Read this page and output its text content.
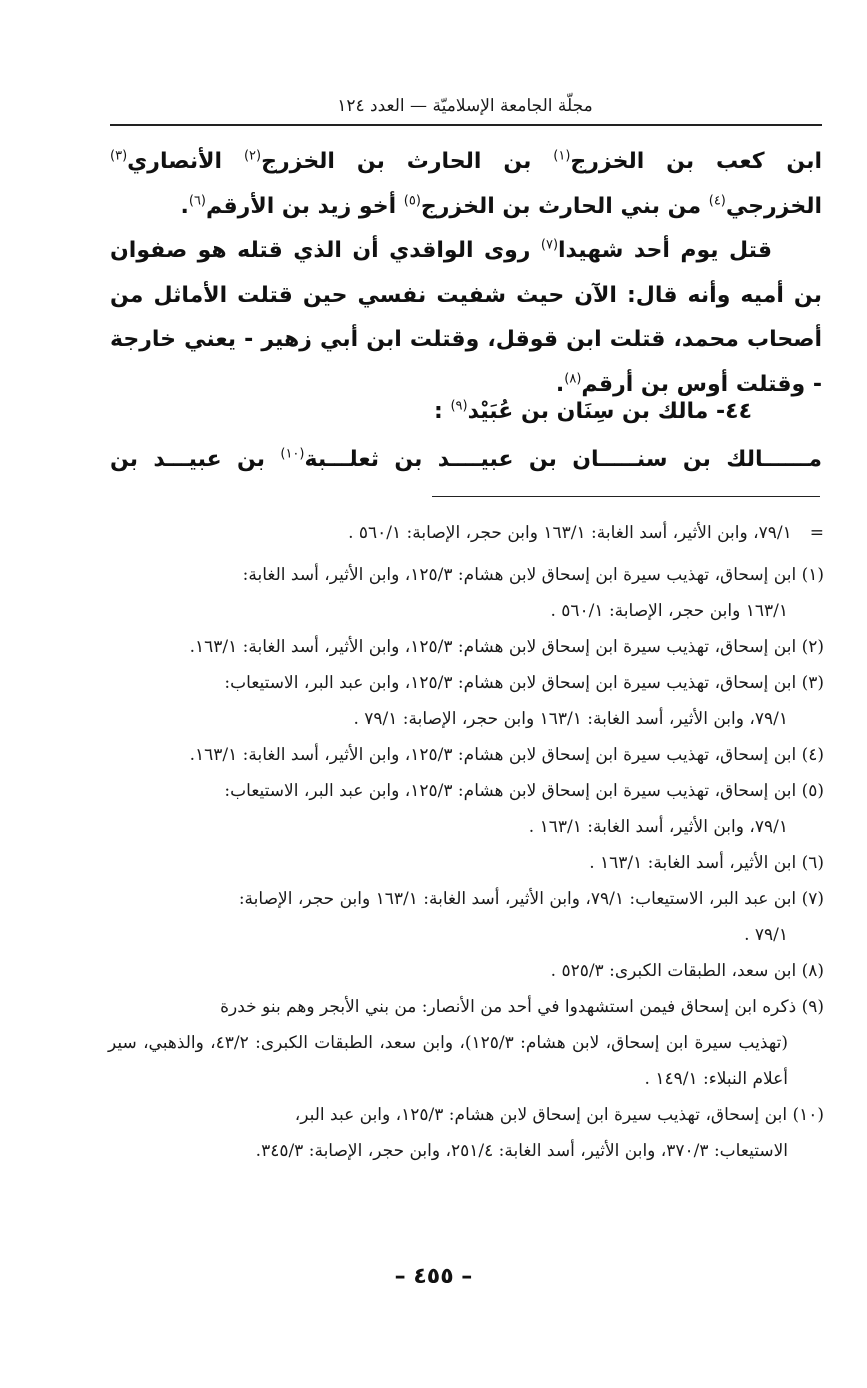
مجلّة الجامعة الإسلاميّة — العدد ١٢٤

ابن كعب بن الخزرج$^{(١)}$ بن الحارث بن الخزرج$^{(٢)}$ الأنصاري$^{(٣)}$ الخزرجي$^{(٤)}$ من بني الحارث بن الخزرج$^{(٥)}$ أخو زيد بن الأرقم$^{(٦)}$.

قتل يوم أحد شهيدا$^{(٧)}$ روى الواقدي أن الذي قتله هو صفوان بن أميه وأنه قال: الآن حيث شفيت نفسي حين قتلت الأماثل من أصحاب محمد، قتلت ابن قوقل، وقتلت ابن أبي زهير - يعني خارجة - وقتلت أوس بن أرقم$^{(٨)}$.

٤٤- مالك بن سِنَان بن عُبَيْد$^{(٩)}$ :
مــــــالك بن سنـــــان بن عبيــــد بن ثعلـــبة$^{(١٠)}$ بن عبيـــد بن
=٧٩/١، وابن الأثير، أسد الغابة: ١٦٣/١ وابن حجر، الإصابة: ٥٦٠/١ .
(١) ابن إسحاق، تهذيب سيرة ابن إسحاق لابن هشام: ١٢٥/٣، وابن الأثير، أسد الغابة:
١٦٣/١ وابن حجر، الإصابة: ٥٦٠/١ .
(٢) ابن إسحاق، تهذيب سيرة ابن إسحاق لابن هشام: ١٢٥/٣، وابن الأثير، أسد الغابة: ١٦٣/١.
(٣) ابن إسحاق، تهذيب سيرة ابن إسحاق لابن هشام: ١٢٥/٣، وابن عبد البر، الاستيعاب:
٧٩/١، وابن الأثير، أسد الغابة: ١٦٣/١ وابن حجر، الإصابة: ٧٩/١ .
(٤) ابن إسحاق، تهذيب سيرة ابن إسحاق لابن هشام: ١٢٥/٣، وابن الأثير، أسد الغابة: ١٦٣/١.
(٥) ابن إسحاق، تهذيب سيرة ابن إسحاق لابن هشام: ١٢٥/٣، وابن عبد البر، الاستيعاب:
٧٩/١، وابن الأثير، أسد الغابة: ١٦٣/١ .
(٦) ابن الأثير، أسد الغابة: ١٦٣/١ .
(٧) ابن عبد البر، الاستيعاب: ٧٩/١، وابن الأثير، أسد الغابة: ١٦٣/١ وابن حجر، الإصابة:
٧٩/١ .
(٨) ابن سعد، الطبقات الكبرى: ٥٢٥/٣ .
(٩) ذكره ابن إسحاق فيمن استشهدوا في أحد من الأنصار: من بني الأبجر وهم بنو خدرة
(تهذيب سيرة ابن إسحاق، لابن هشام: ١٢٥/٣)، وابن سعد، الطبقات الكبرى: ٤٣/٢، والذهبي، سير أعلام النبلاء: ١٤٩/١ .
(١٠) ابن إسحاق، تهذيب سيرة ابن إسحاق لابن هشام: ١٢٥/٣، وابن عبد البر،
الاستيعاب: ٣٧٠/٣، وابن الأثير، أسد الغابة: ٢٥١/٤، وابن حجر، الإصابة: ٣٤٥/٣.
– ٤٥٥ –
